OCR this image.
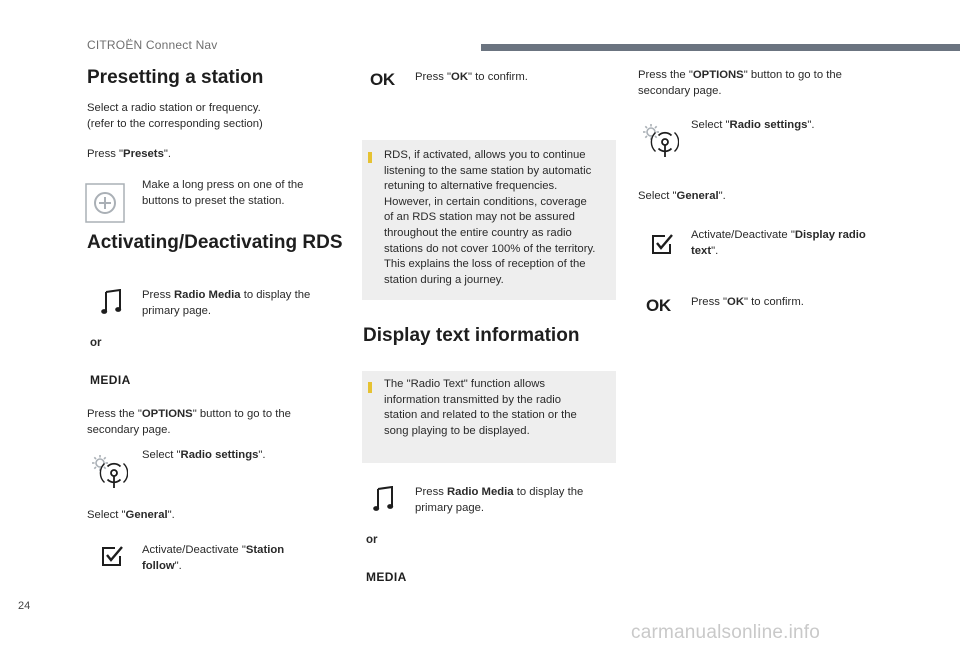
CITROËN Connect Nav
Presetting a station
Select a radio station or frequency.
(refer to the corresponding section)
Press "Presets".
Make a long press on one of the
buttons to preset the station.
Activating/Deactivating RDS
Press Radio Media to display the
primary page.
or
MEDIA
Press the "OPTIONS" button to go to the
secondary page.
Select "Radio settings".
Select "General".
Activate/Deactivate "Station
follow".
OK Press "OK" to confirm.
RDS, if activated, allows you to continue
listening to the same station by automatic
retuning to alternative frequencies.
However, in certain conditions, coverage
of an RDS station may not be assured
throughout the entire country as radio
stations do not cover 100% of the territory.
This explains the loss of reception of the
station during a journey.
Display text information
The "Radio Text" function allows
information transmitted by the radio
station and related to the station or the
song playing to be displayed.
Press Radio Media to display the
primary page.
or
MEDIA
Press the "OPTIONS" button to go to the
secondary page.
Select "Radio settings".
Select "General".
Activate/Deactivate "Display radio
text".
OK Press "OK" to confirm.
24
carmanualsonline.info
